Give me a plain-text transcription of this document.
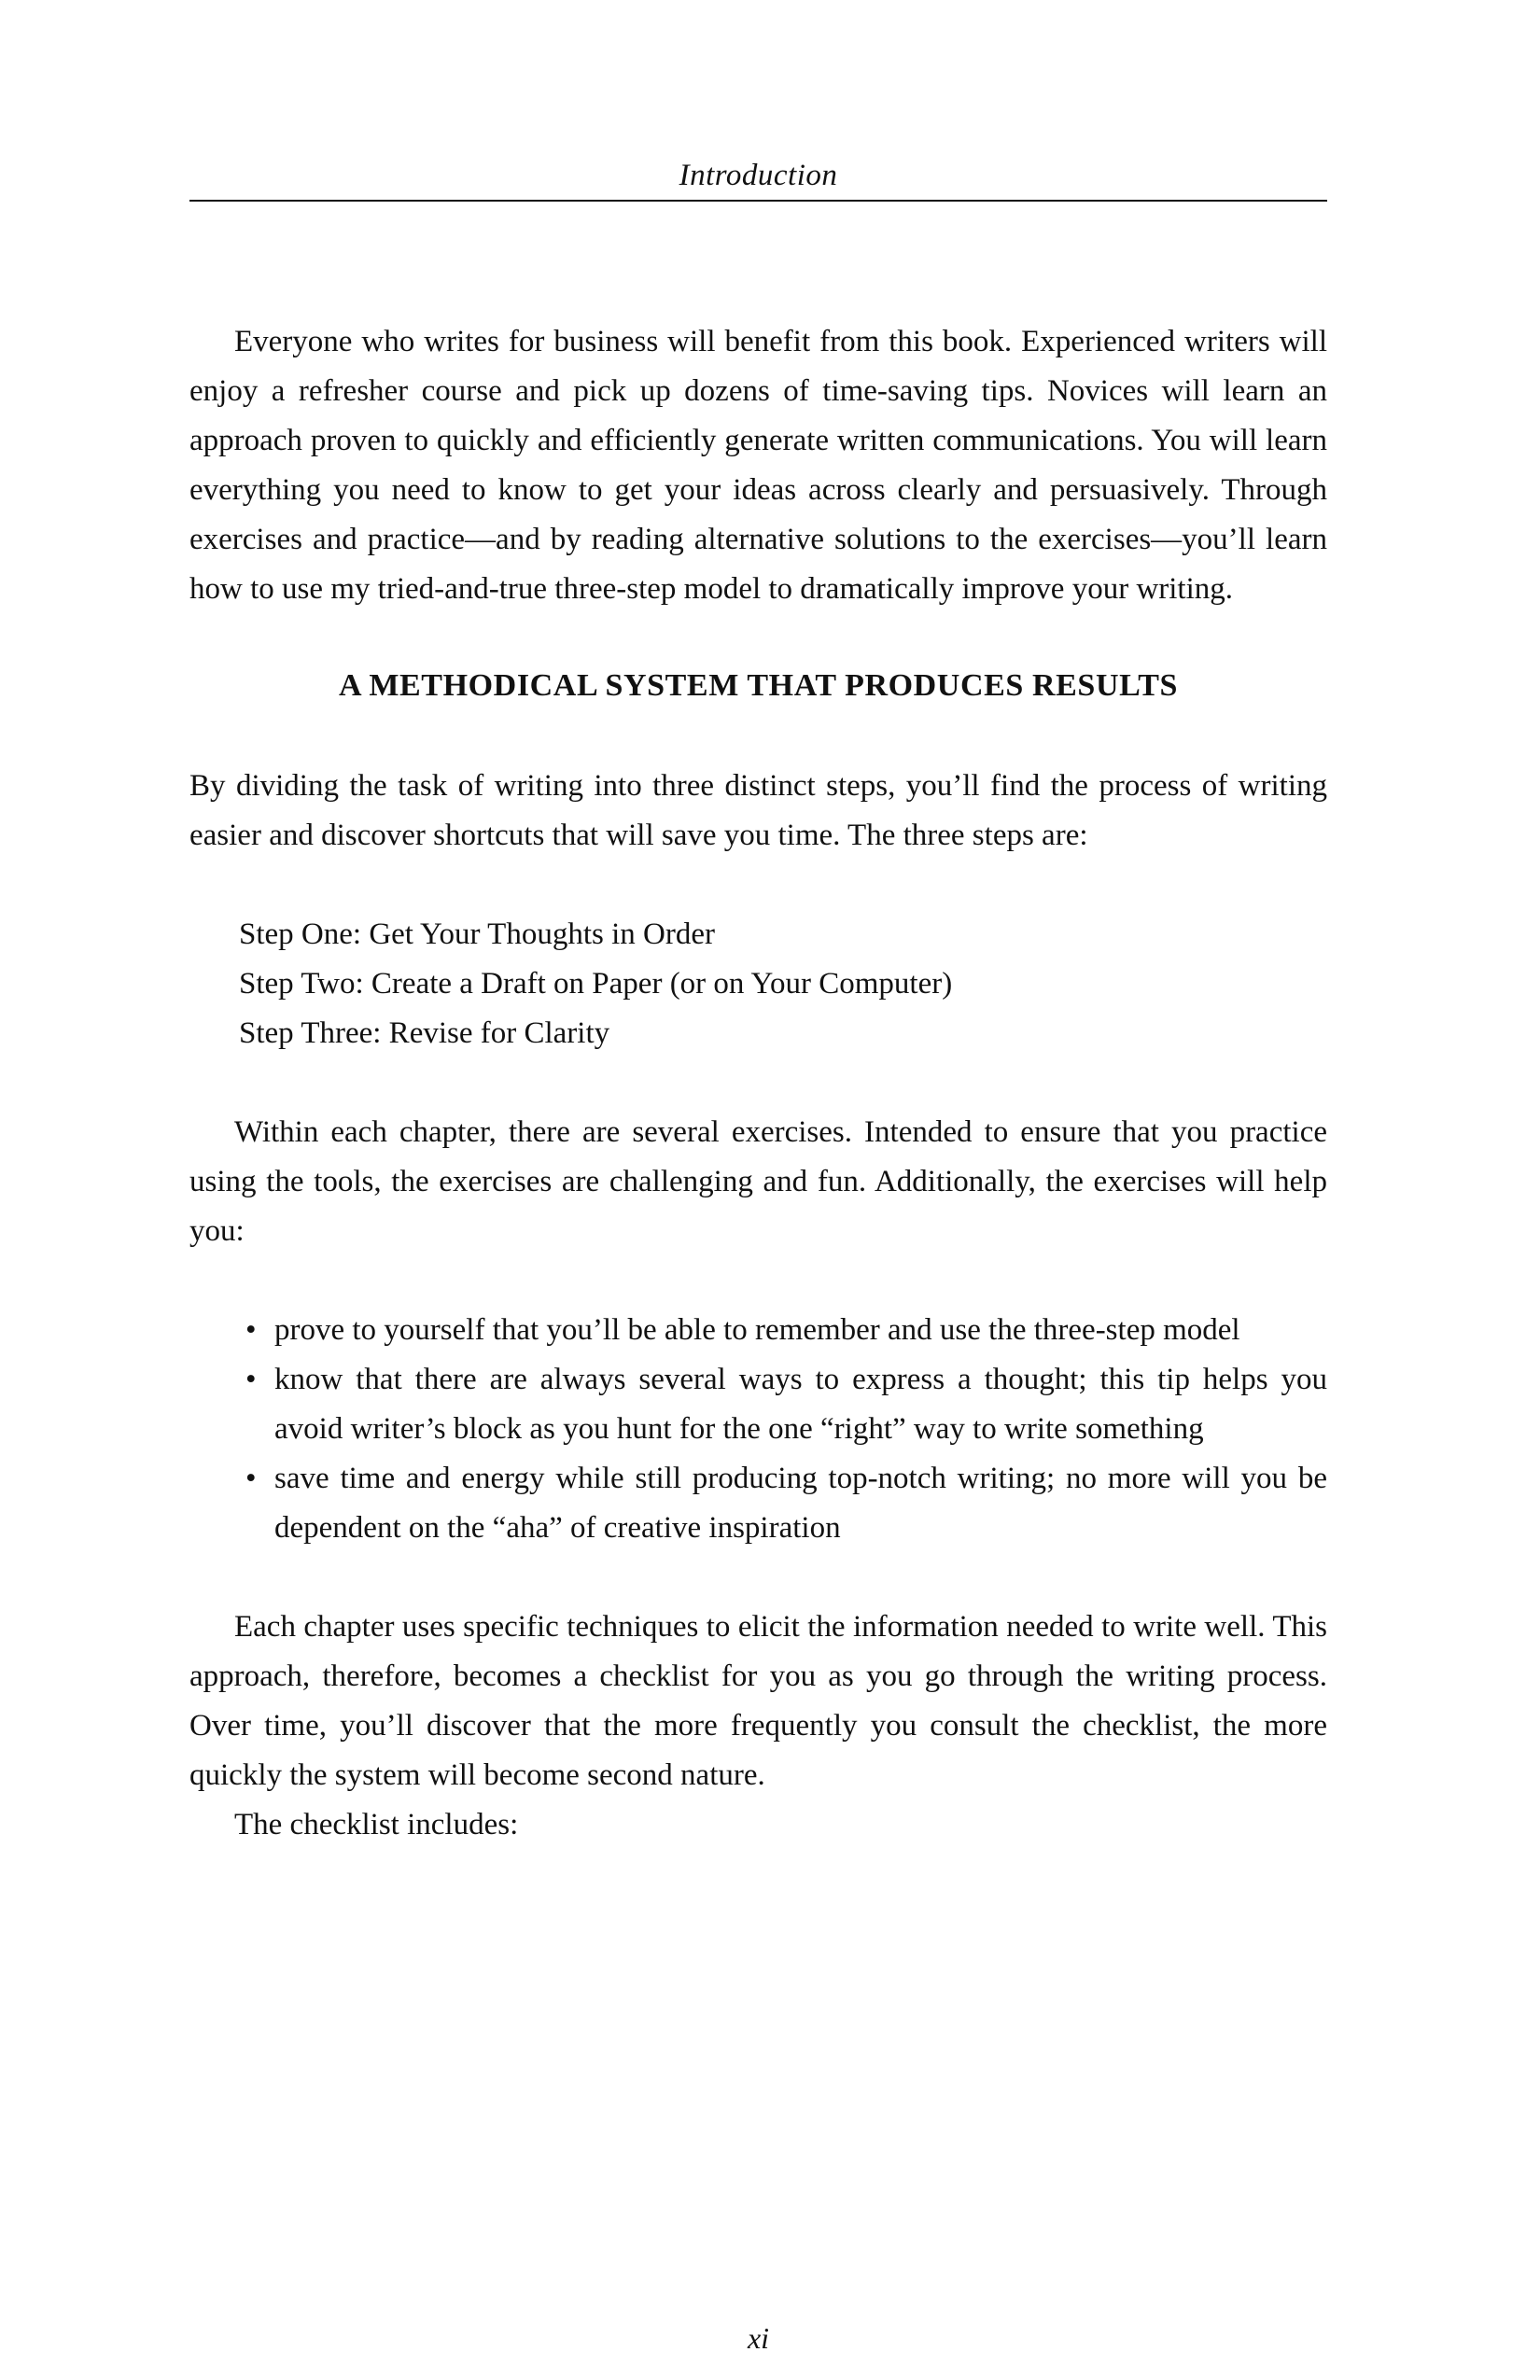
Introduction

Everyone who writes for business will benefit from this book. Experienced writers will enjoy a refresher course and pick up dozens of time-saving tips. Novices will learn an approach proven to quickly and efficiently generate written communications. You will learn everything you need to know to get your ideas across clearly and persuasively. Through exercises and practice—and by reading alternative solutions to the exercises—you’ll learn how to use my tried-and-true three-step model to dramatically improve your writing.

A METHODICAL SYSTEM THAT PRODUCES RESULTS

By dividing the task of writing into three distinct steps, you’ll find the process of writing easier and discover shortcuts that will save you time. The three steps are:

Step One: Get Your Thoughts in Order
Step Two: Create a Draft on Paper (or on Your Computer)
Step Three: Revise for Clarity

Within each chapter, there are several exercises. Intended to ensure that you practice using the tools, the exercises are challenging and fun. Additionally, the exercises will help you:

• prove to yourself that you’ll be able to remember and use the three-step model
• know that there are always several ways to express a thought; this tip helps you avoid writer’s block as you hunt for the one “right” way to write something
• save time and energy while still producing top-notch writing; no more will you be dependent on the “aha” of creative inspiration

Each chapter uses specific techniques to elicit the information needed to write well. This approach, therefore, becomes a checklist for you as you go through the writing process. Over time, you’ll discover that the more frequently you consult the checklist, the more quickly the system will become second nature.

The checklist includes:

xi
